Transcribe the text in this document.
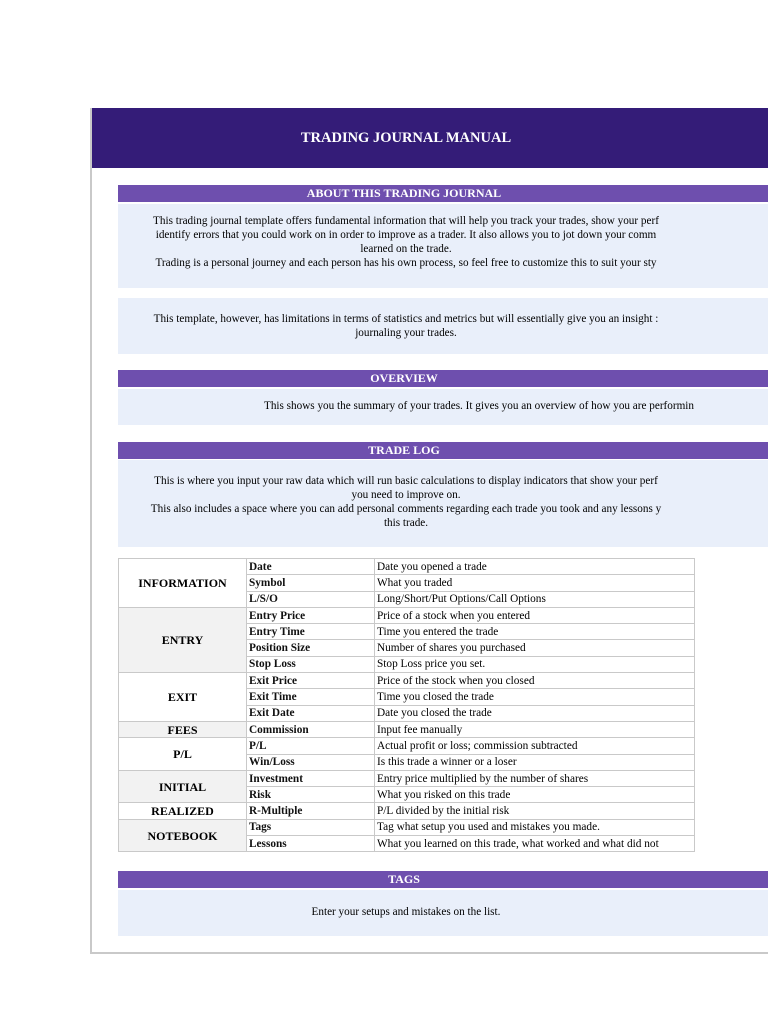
TRADING JOURNAL MANUAL
ABOUT THIS TRADING JOURNAL
This trading journal template offers fundamental information that will help you track your trades, show your perf
identify errors that you could work on in order to improve as a trader. It also allows you to jot down your comm
learned on the trade.
Trading is a personal journey and each person has his own process, so feel free to customize this to suit your sty
This template, however, has limitations in terms of statistics and metrics but will essentially give you an insight :
journaling your trades.
OVERVIEW
This shows you the summary of your trades. It gives you an overview of how you are performin
TRADE LOG
This is where you input your raw data which will run basic calculations to display indicators that show your perf
you need to improve on.
This also includes a space where you can add personal comments regarding each trade you took and any lessons y
this trade.
INFORMATION	Date	Date you opened a trade
	Symbol	What you traded
	L/S/O	Long/Short/Put Options/Call Options
ENTRY	Entry Price	Price of a stock when you entered
	Entry Time	Time you entered the trade
	Position Size	Number of shares you purchased
	Stop Loss	Stop Loss price you set.
EXIT	Exit Price	Price of the stock when you closed
	Exit Time	Time you closed the trade
	Exit Date	Date you closed the trade
FEES	Commission	Input fee manually
P/L	P/L	Actual profit or loss; commission subtracted
	Win/Loss	Is this trade a winner or a loser
INITIAL	Investment	Entry price multiplied by the number of shares
	Risk	What you risked on this trade
REALIZED	R-Multiple	P/L divided by the initial risk
NOTEBOOK	Tags	Tag what setup you used and mistakes you made.
	Lessons	What you learned on this trade, what worked and what did not
TAGS
Enter your setups and mistakes on the list.
